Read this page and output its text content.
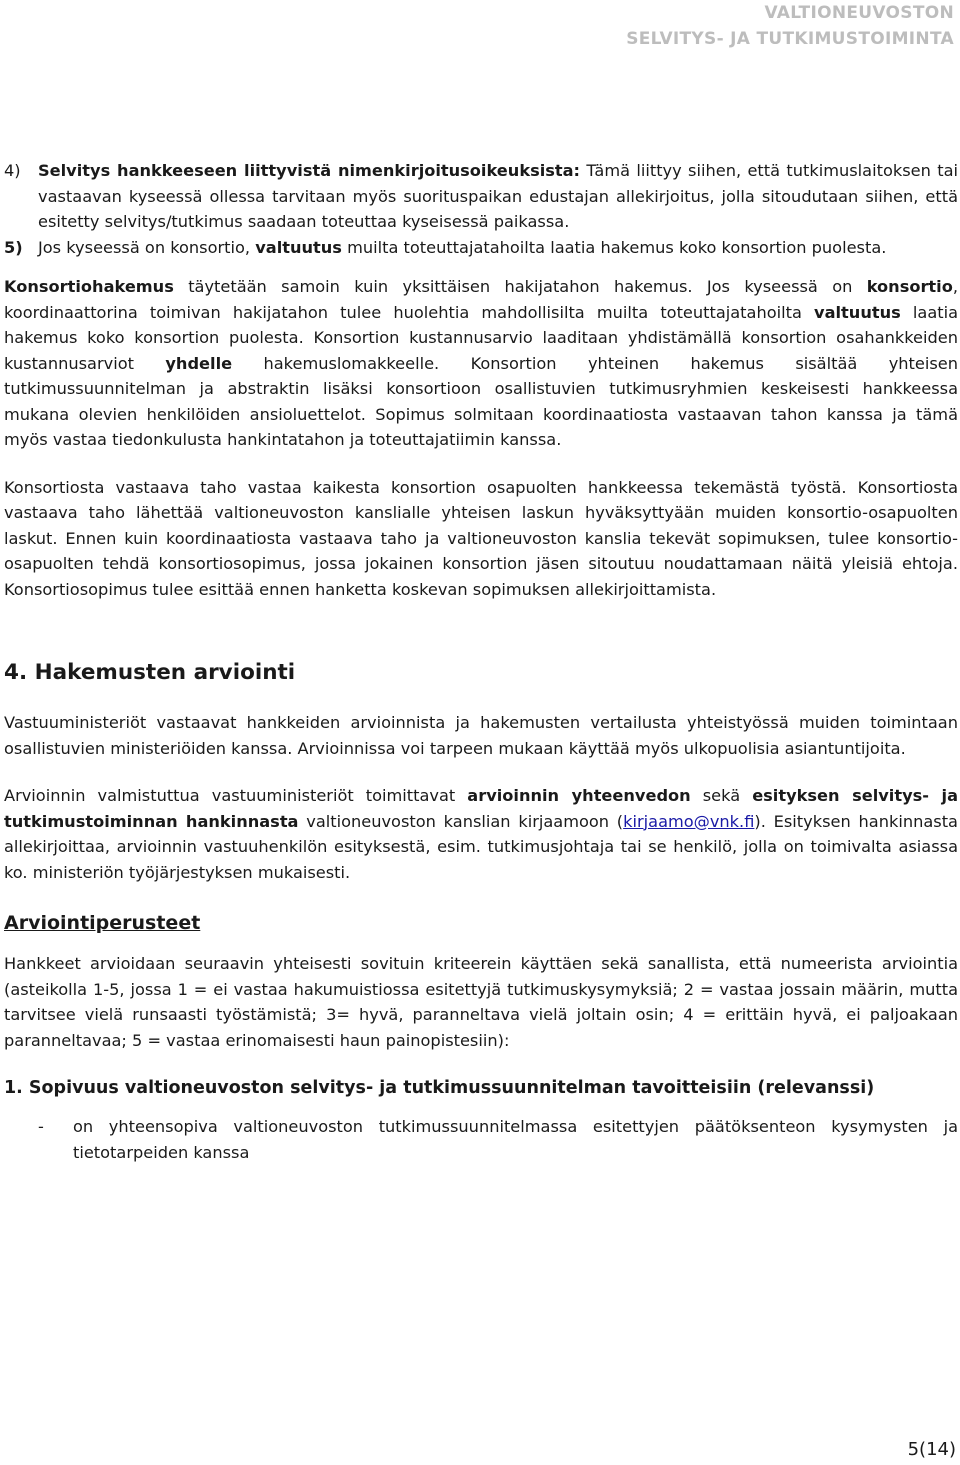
VALTIONEUVOSTON
SELVITYS- JA TUTKIMUSTOIMINTA
4) Selvitys hankkeeseen liittyvistä nimenkirjoitusoikeuksista: Tämä liittyy siihen, että tutkimuslaitoksen tai vastaavan kyseessä ollessa tarvitaan myös suorituspaikan edustajan allekirjoitus, jolla sitoudutaan siihen, että esitetty selvitys/tutkimus saadaan toteuttaa kyseisessä paikassa.
5) Jos kyseessä on konsortio, valtuutus muilta toteuttajatahoilta laatia hakemus koko konsortion puolesta.

Konsortiohakemus täytetään samoin kuin yksittäisen hakijatahon hakemus. Jos kyseessä on konsortio, koordinaattorina toimivan hakijatahon tulee huolehtia mahdollisilta muilta toteuttajatahoilta valtuutus laatia hakemus koko konsortion puolesta. Konsortion kustannusarvio laaditaan yhdistämällä konsortion osahankkeiden kustannusarviot yhdelle hakemuslomakkeelle. Konsortion yhteinen hakemus sisältää yhteisen tutkimussuunnitelman ja abstraktin lisäksi konsortioon osallistuvien tutkimusryhmien keskeisesti hankkeessa mukana olevien henkilöiden ansioluettelot. Sopimus solmitaan koordinaatiosta vastaavan tahon kanssa ja tämä myös vastaa tiedonkulusta hankintatahon ja toteuttajatiimin kanssa.

Konsortiosta vastaava taho vastaa kaikesta konsortion osapuolten hankkeessa tekemästä työstä. Konsortiosta vastaava taho lähettää valtioneuvoston kanslialle yhteisen laskun hyväksyttyään muiden konsortio-osapuolten laskut. Ennen kuin koordinaatiosta vastaava taho ja valtioneuvoston kanslia tekevät sopimuksen, tulee konsortio-osapuolten tehdä konsortiosopimus, jossa jokainen konsortion jäsen sitoutuu noudattamaan näitä yleisiä ehtoja. Konsortiosopimus tulee esittää ennen hanketta koskevan sopimuksen allekirjoittamista.

4. Hakemusten arviointi

Vastuuministeriöt vastaavat hankkeiden arvioinnista ja hakemusten vertailusta yhteistyössä muiden toimintaan osallistuvien ministeriöiden kanssa. Arvioinnissa voi tarpeen mukaan käyttää myös ulkopuolisia asiantuntijoita.

Arvioinnin valmistuttua vastuuministeriöt toimittavat arvioinnin yhteenvedon sekä esityksen selvitys- ja tutkimustoiminnan hankinnasta valtioneuvoston kanslian kirjaamoon (kirjaamo@vnk.fi). Esityksen hankinnasta allekirjoittaa, arvioinnin vastuuhenkilön esityksestä, esim. tutkimusjohtaja tai se henkilö, jolla on toimivalta asiassa ko. ministeriön työjärjestyksen mukaisesti.

Arviointiperusteet

Hankkeet arvioidaan seuraavin yhteisesti sovituin kriteerein käyttäen sekä sanallista, että numeerista arviointia (asteikolla 1-5, jossa 1 = ei vastaa hakumuistiossa esitettyjä tutkimuskysymyksiä; 2 = vastaa jossain määrin, mutta tarvitsee vielä runsaasti työstämistä; 3= hyvä, paranneltava vielä joltain osin; 4 = erittäin hyvä, ei paljoakaan paranneltavaa; 5 = vastaa erinomaisesti haun painopistesiin):

1. Sopivuus valtioneuvoston selvitys- ja tutkimussuunnitelman tavoitteisiin (relevanssi)
- on yhteensopiva valtioneuvoston tutkimussuunnitelmassa esitettyjen päätöksenteon kysymysten ja tietotarpeiden kanssa
5(14)
